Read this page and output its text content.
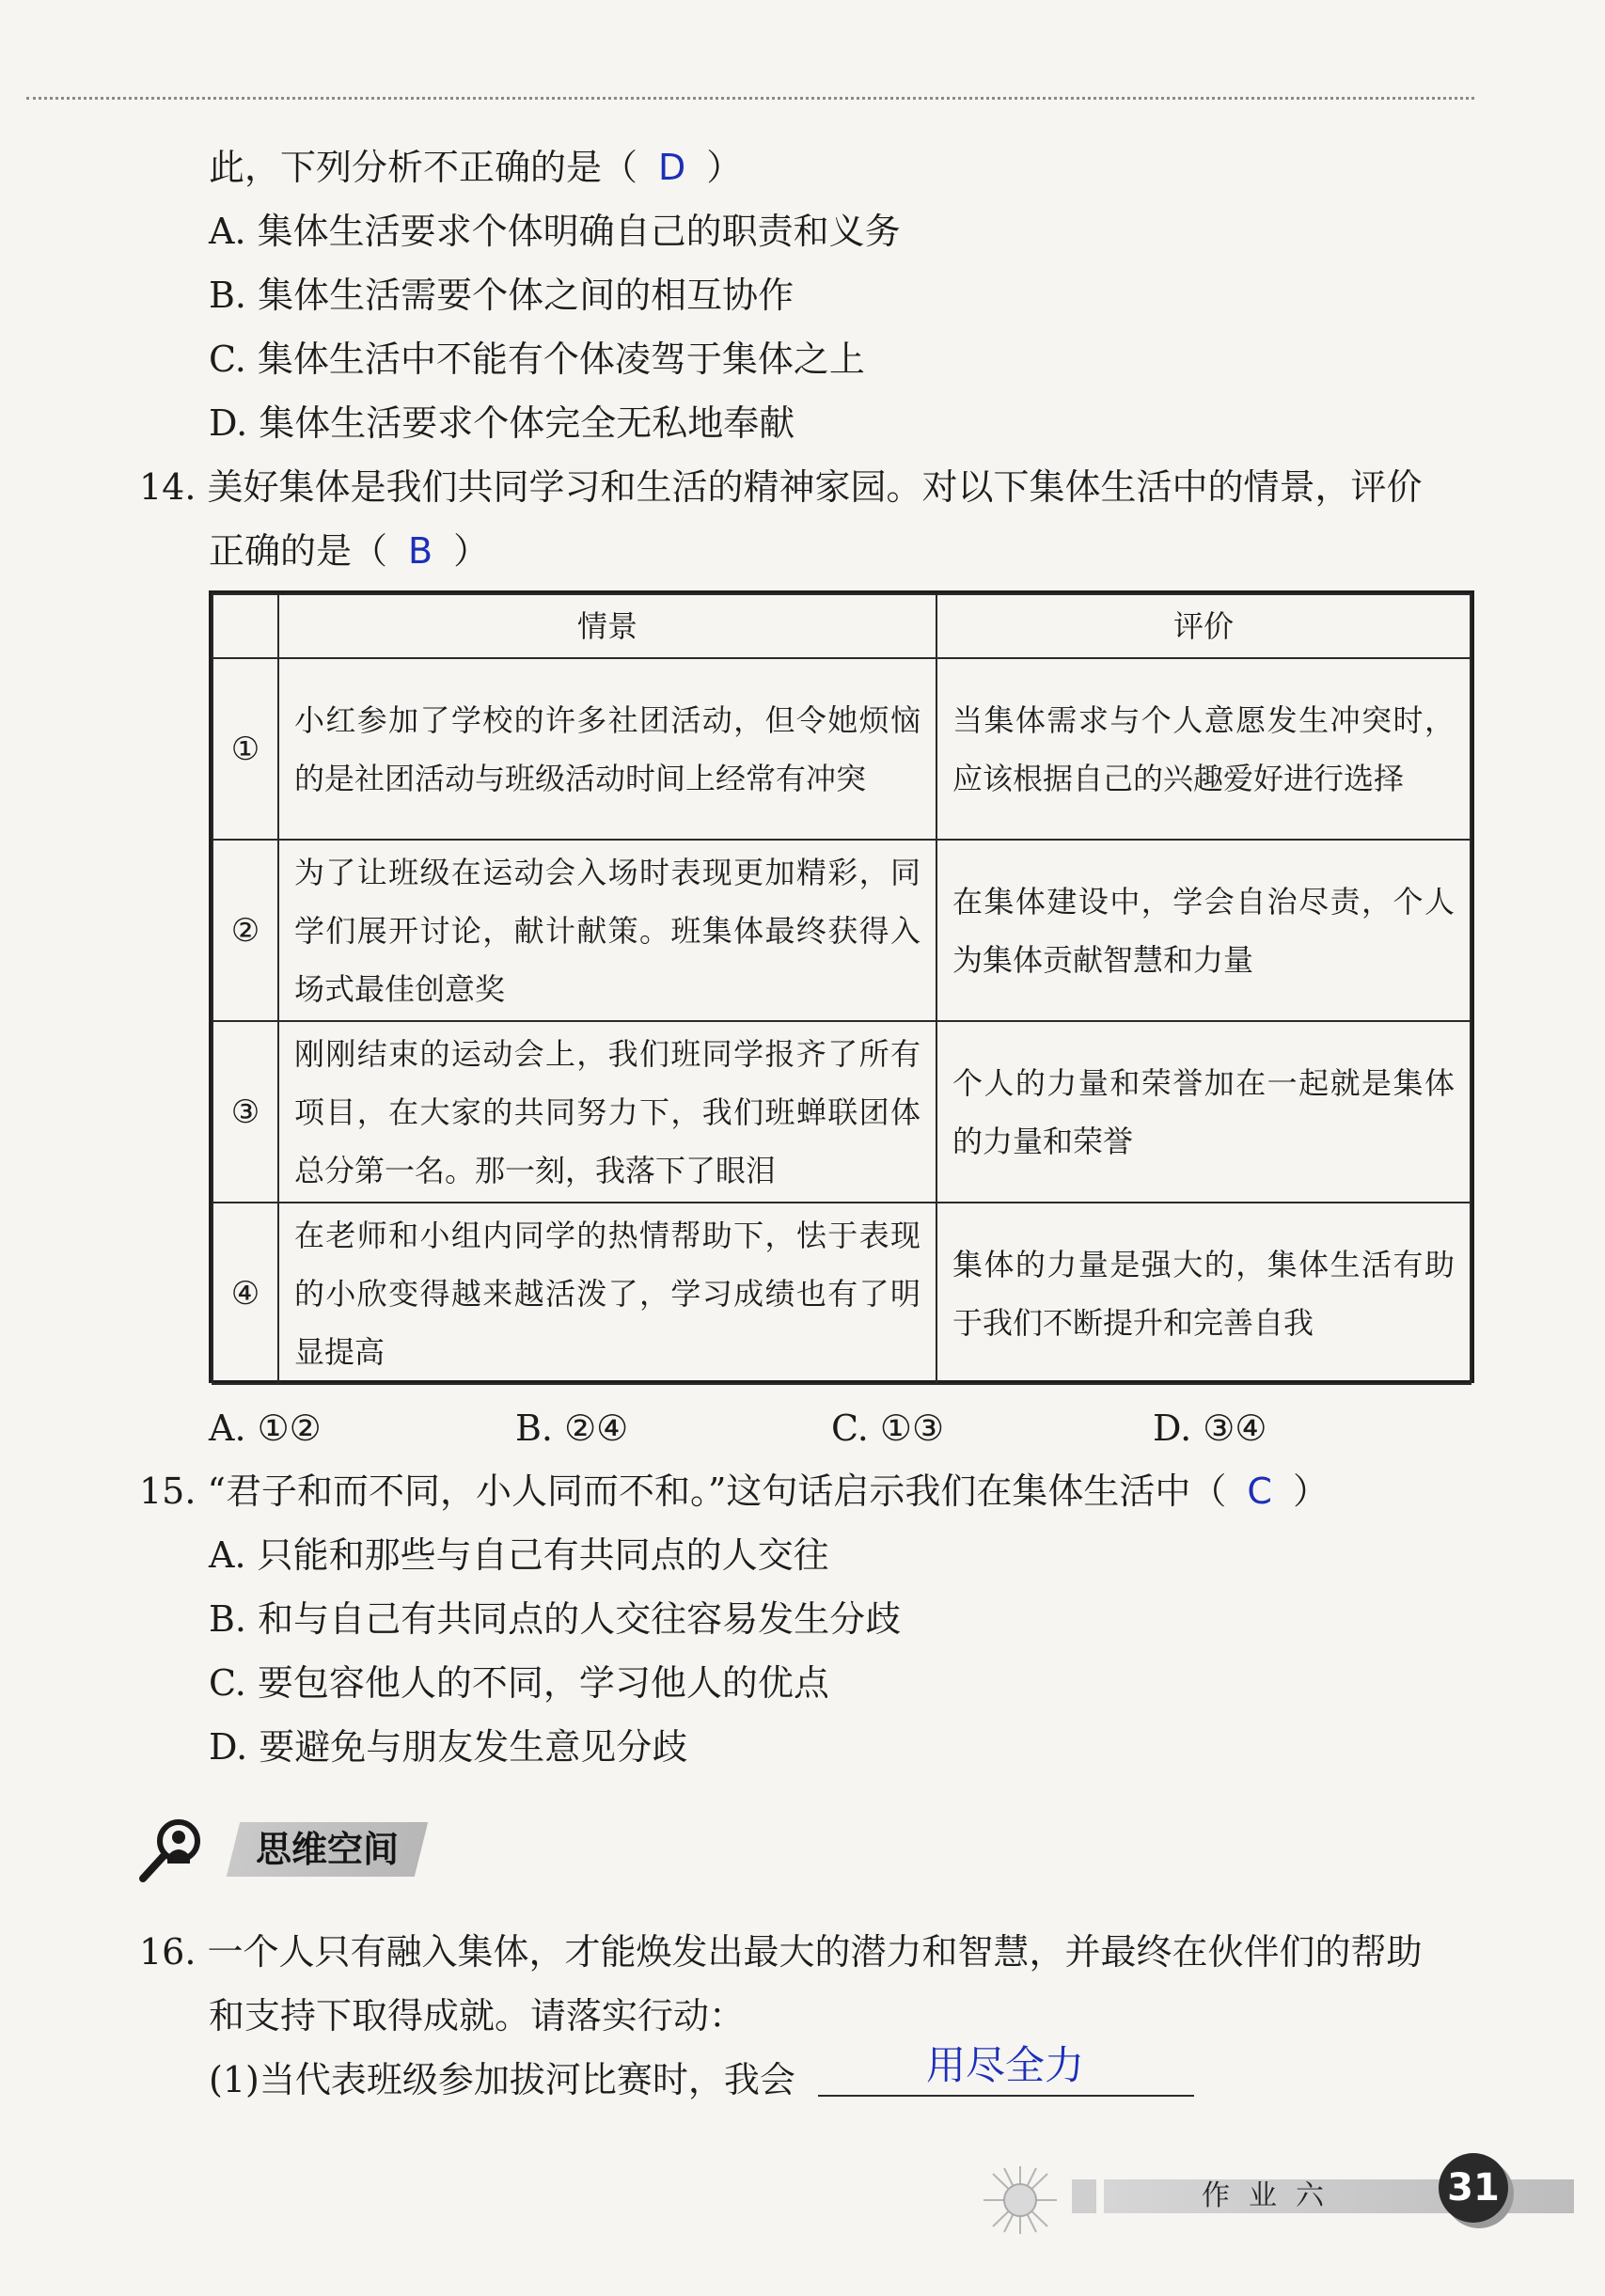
此，下列分析不正确的是（ D ）
A. 集体生活要求个体明确自己的职责和义务
B. 集体生活需要个体之间的相互协作
C. 集体生活中不能有个体凌驾于集体之上
D. 集体生活要求个体完全无私地奉献
14. 美好集体是我们共同学习和生活的精神家园。对以下集体生活中的情景，评价
正确的是（ B ）
	情景	评价
①	小红参加了学校的许多社团活动，但令她烦恼的是社团活动与班级活动时间上经常有冲突	当集体需求与个人意愿发生冲突时，应该根据自己的兴趣爱好进行选择
②	为了让班级在运动会入场时表现更加精彩，同学们展开讨论，献计献策。班集体最终获得入场式最佳创意奖	在集体建设中，学会自治尽责，个人为集体贡献智慧和力量
③	刚刚结束的运动会上，我们班同学报齐了所有项目，在大家的共同努力下，我们班蝉联团体总分第一名。那一刻，我落下了眼泪	个人的力量和荣誉加在一起就是集体的力量和荣誉
④	在老师和小组内同学的热情帮助下，怯于表现的小欣变得越来越活泼了，学习成绩也有了明显提高	集体的力量是强大的，集体生活有助于我们不断提升和完善自我
A. ①②	B. ②④	C. ①③	D. ③④
15. “君子和而不同，小人同而不和。”这句话启示我们在集体生活中（ C ）
A. 只能和那些与自己有共同点的人交往
B. 和与自己有共同点的人交往容易发生分歧
C. 要包容他人的不同，学习他人的优点
D. 要避免与朋友发生意见分歧
思维空间
16. 一个人只有融入集体，才能焕发出最大的潜力和智慧，并最终在伙伴们的帮助
和支持下取得成就。请落实行动：
(1)当代表班级参加拔河比赛时，我会	用尽全力
作业六	31
